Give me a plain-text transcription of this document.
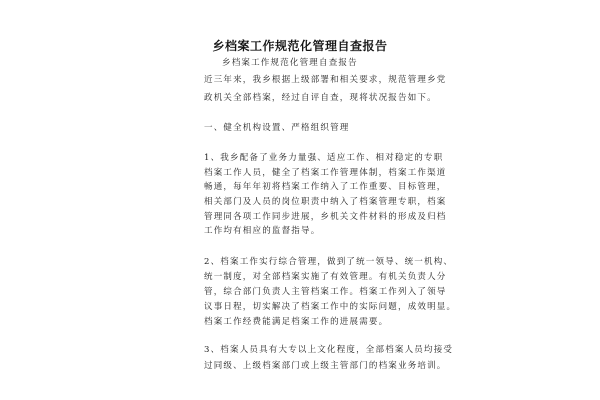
乡档案工作规范化管理自查报告
乡档案工作规范化管理自查报告
近三年来，我乡根据上级部署和相关要求，规范管理乡党
政机关全部档案，经过自评自查，现将状况报告如下。
一、健全机构设置、严格组织管理
1、我乡配备了业务力量强、适应工作、相对稳定的专职
档案工作人员，健全了档案工作管理体制，档案工作渠道
畅通，每年年初将档案工作纳入了工作重要、目标管理，
相关部门及人员的岗位职责中纳入了档案管理专职，档案
管理同各项工作同步进展，乡机关文件材料的形成及归档
工作均有相应的监督指导。
2、档案工作实行综合管理，做到了统一领导、统一机构、
统一制度，对全部档案实施了有效管理。有机关负责人分
管，综合部门负责人主管档案工作。档案工作列入了领导
议事日程，切实解决了档案工作中的实际问题，成效明显。
档案工作经费能满足档案工作的进展需要。
3、档案人员具有大专以上文化程度，全部档案人员均接受
过同级、上级档案部门或上级主管部门的档案业务培训。
